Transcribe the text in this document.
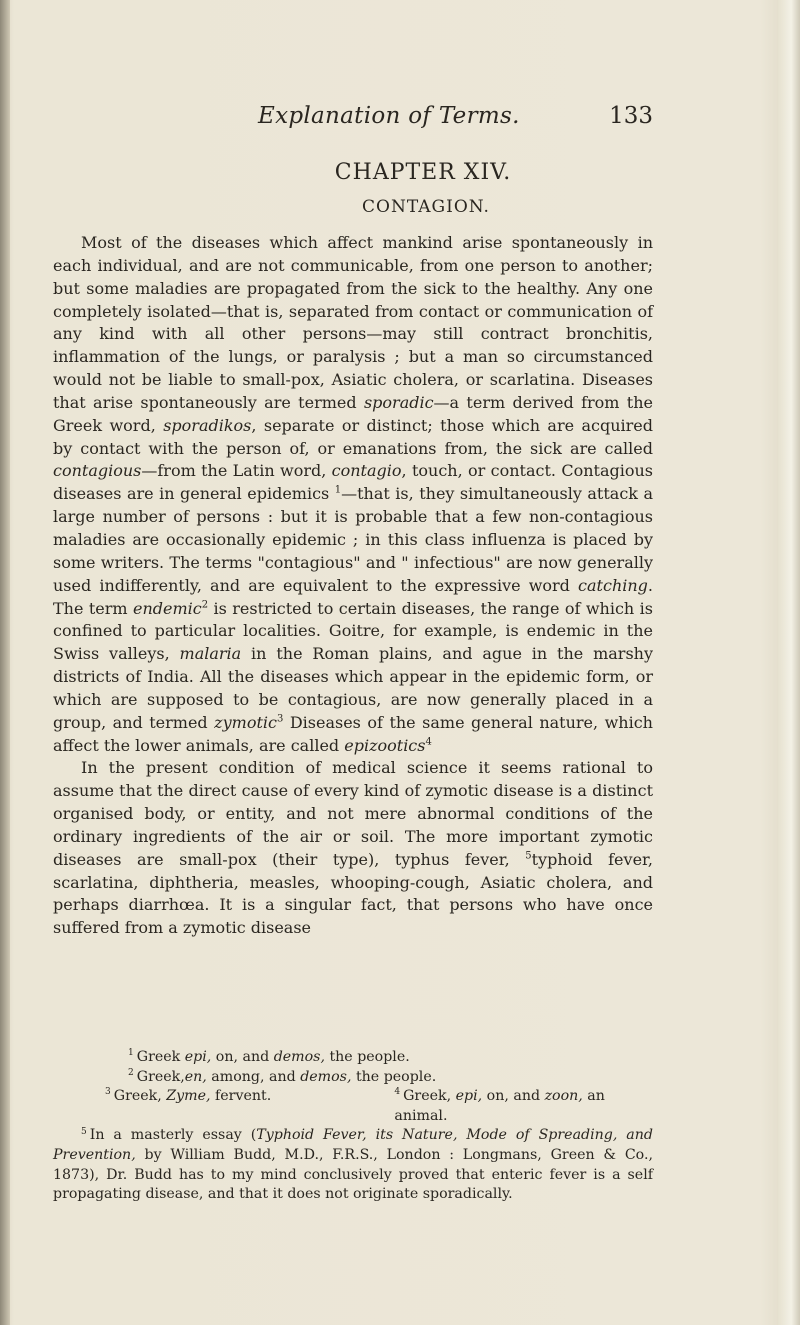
Explanation of Terms.	133
CHAPTER XIV.
CONTAGION.

Most of the diseases which affect mankind arise spontaneously in each individual, and are not communicable, from one person to another; but some maladies are propagated from the sick to the healthy. Any one completely isolated—that is, separated from contact or communication of any kind with all other persons—may still contract bronchitis, inflammation of the lungs, or paralysis ; but a man so circumstanced would not be liable to small-pox, Asiatic cholera, or scarlatina. Diseases that arise spontaneously are termed sporadic—a term derived from the Greek word, sporadikos, separate or distinct; those which are acquired by contact with the person of, or emanations from, the sick are called contagious—from the Latin word, contagio, touch, or contact. Contagious diseases are in general epidemics $^1$—that is, they simultaneously attack a large number of persons : but it is probable that a few non-contagious maladies are occasionally epidemic ; in this class influenza is placed by some writers. The terms "contagious" and " infectious" are now generally used indifferently, and are equivalent to the expressive word catching. The term endemic$^2$ is restricted to certain diseases, the range of which is confined to particular localities. Goitre, for example, is endemic in the Swiss valleys, malaria in the Roman plains, and ague in the marshy districts of India. All the diseases which appear in the epidemic form, or which are supposed to be contagious, are now generally placed in a group, and termed zymotic$^3$ Diseases of the same general nature, which affect the lower animals, are called epizootics$^4$

In the present condition of medical science it seems rational to assume that the direct cause of every kind of zymotic disease is a distinct organised body, or entity, and not mere abnormal conditions of the ordinary ingredients of the air or soil. The more important zymotic diseases are small-pox (their type), typhus fever, $^5$typhoid fever, scarlatina, diphtheria, measles, whooping-cough, Asiatic cholera, and perhaps diarrhœa. It is a singular fact, that persons who have once suffered from a zymotic disease

$^1$ Greek epi, on, and demos, the people.

$^2$ Greek,en, among, and demos, the people.

$^3$ Greek, Zyme, fervent.	$^4$ Greek, epi, on, and zoon, an animal.

$^5$ In a masterly essay (Typhoid Fever, its Nature, Mode of Spreading, and Prevention, by William Budd, M.D., F.R.S., London : Longmans, Green & Co., 1873), Dr. Budd has to my mind conclusively proved that enteric fever is a self propagating disease, and that it does not originate sporadically.
